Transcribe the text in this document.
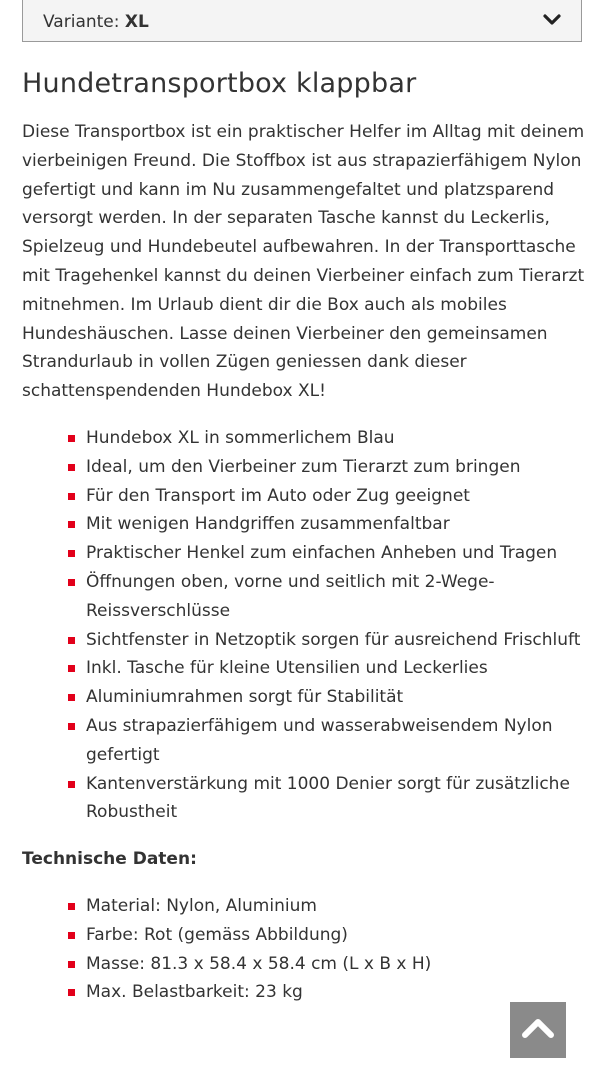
Variante: XL
Hundetransportbox klappbar

Diese Transportbox ist ein praktischer Helfer im Alltag mit deinem vierbeinigen Freund. Die Stoffbox ist aus strapazierfähigem Nylon gefertigt und kann im Nu zusammengefaltet und platzsparend versorgt werden. In der separaten Tasche kannst du Leckerlis, Spielzeug und Hundebeutel aufbewahren. In der Transporttasche mit Tragehenkel kannst du deinen Vierbeiner einfach zum Tierarzt mitnehmen. Im Urlaub dient dir die Box auch als mobiles Hundeshäuschen. Lasse deinen Vierbeiner den gemeinsamen Strandurlaub in vollen Zügen geniessen dank dieser schattenspendenden Hundebox XL!

Hundebox XL in sommerlichem Blau
Ideal, um den Vierbeiner zum Tierarzt zum bringen
Für den Transport im Auto oder Zug geeignet
Mit wenigen Handgriffen zusammenfaltbar
Praktischer Henkel zum einfachen Anheben und Tragen
Öffnungen oben, vorne und seitlich mit 2-Wege-Reissverschlüsse
Sichtfenster in Netzoptik sorgen für ausreichend Frischluft
Inkl. Tasche für kleine Utensilien und Leckerlies
Aluminiumrahmen sorgt für Stabilität
Aus strapazierfähigem und wasserabweisendem Nylon gefertigt
Kantenverstärkung mit 1000 Denier sorgt für zusätzliche Robustheit
Technische Daten:
Material: Nylon, Aluminium
Farbe: Rot (gemäss Abbildung)
Masse: 81.3 x 58.4 x 58.4 cm (L x B x H)
Max. Belastbarkeit: 23 kg
